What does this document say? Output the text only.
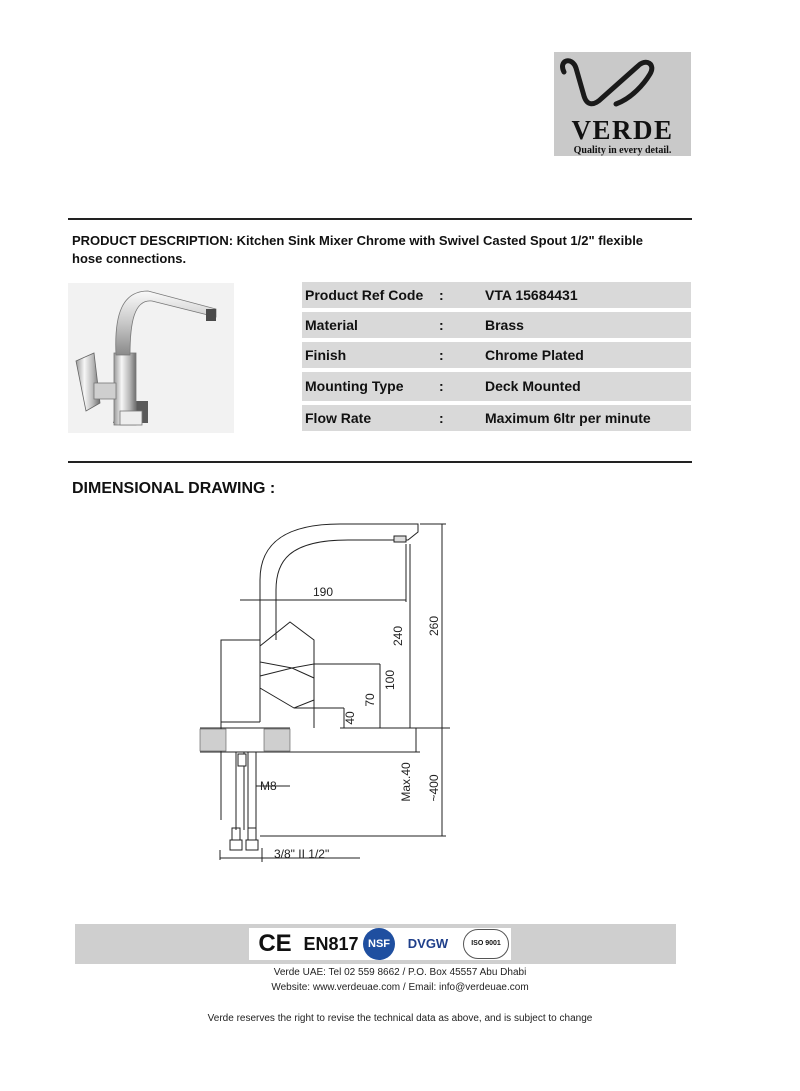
VERDE
Quality in every detail.
PRODUCT DESCRIPTION: Kitchen Sink Mixer Chrome with Swivel Casted Spout 1/2" flexible hose connections.
Product Ref Code :	VTA 15684431
Material	:	Brass
Finish	:	Chrome Plated
Mounting Type	:	Deck Mounted
Flow Rate	:	Maximum 6ltr per minute
DIMENSIONAL DRAWING :
190
240 260
100
70
40
Max.40 ~400
M8
3/8" II 1/2"
CE EN817 NSF	DVGW	ISO 9001
Verde UAE: Tel 02 559 8662 / P.O. Box 45557 Abu Dhabi
Website: www.verdeuae.com / Email: info@verdeuae.com
Verde reserves the right to revise the technical data as above, and is subject to change
